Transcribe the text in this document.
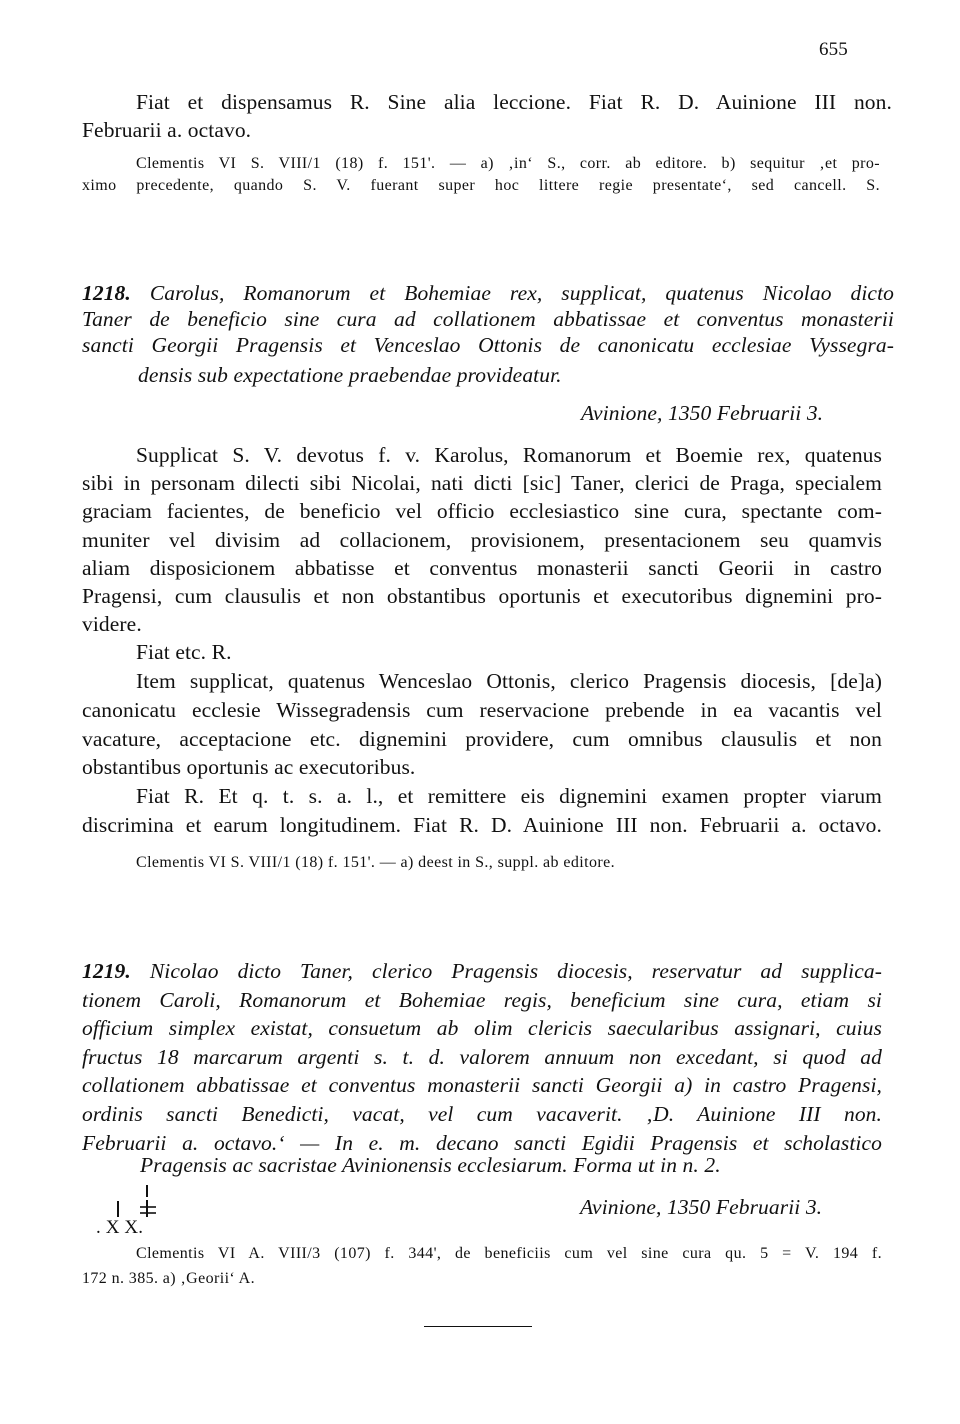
655

Fiat et dispensamus R. Sine alia leccione. Fiat R. D. Auinione III non.

Februarii a. octavo.

Clementis VI S. VIII/1 (18) f. 151'. — a) ‚in‘ S., corr. ab editore. b) sequitur ‚et pro-
ximo precedente, quando S. V. fuerant super hoc littere regie presentate‘, sed cancell. S.
1218. Carolus, Romanorum et Bohemiae rex, supplicat, quatenus Nicolao dicto
Taner de beneficio sine cura ad collationem abbatissae et conventus monasterii
sancti Georgii Pragensis et Venceslao Ottonis de canonicatu ecclesiae Vyssegra-

densis sub expectatione praebendae provideatur.

Avinione, 1350 Februarii 3.

Supplicat S. V. devotus f. v. Karolus, Romanorum et Boemie rex, quatenus
sibi in personam dilecti sibi Nicolai, nati dicti [sic] Taner, clerici de Praga, specialem
graciam facientes, de beneficio vel officio ecclesiastico sine cura, spectante com-
muniter vel divisim ad collacionem, provisionem, presentacionem seu quamvis
aliam disposicionem abbatisse et conventus monasterii sancti Georii in castro
Pragensi, cum clausulis et non obstantibus oportunis et executoribus dignemini pro-

videre.

Fiat etc. R.

Item supplicat, quatenus Wenceslao Ottonis, clerico Pragensis diocesis, [de]a)
canonicatu ecclesie Wissegradensis cum reservacione prebende in ea vacantis vel
vacature, acceptacione etc. dignemini providere, cum omnibus clausulis et non

obstantibus oportunis ac executoribus.

Fiat R. Et q. t. s. a. l., et remittere eis dignemini examen propter viarum
discrimina et earum longitudinem. Fiat R. D. Auinione III non. Februarii a. octavo.

Clementis VI S. VIII/1 (18) f. 151'. — a) deest in S., suppl. ab editore.

1219. Nicolao dicto Taner, clerico Pragensis diocesis, reservatur ad supplica-
tionem Caroli, Romanorum et Bohemiae regis, beneficium sine cura, etiam si
officium simplex existat, consuetum ab olim clericis saecularibus assignari, cuius
fructus 18 marcarum argenti s. t. d. valorem annuum non excedant, si quod ad
collationem abbatissae et conventus monasterii sancti Georgii a) in castro Pragensi,
ordinis sancti Benedicti, vacat, vel cum vacaverit. ‚D. Auinione III non.
Februarii a. octavo.‘ — In e. m. decano sancti Egidii Pragensis et scholastico

Pragensis ac sacristae Avinionensis ecclesiarum. Forma ut in n. 2.

. X X.

Avinione, 1350 Februarii 3.

Clementis VI A. VIII/3 (107) f. 344', de beneficiis cum vel sine cura qu. 5 = V. 194 f.

172 n. 385. a) ‚Georii‘ A.
